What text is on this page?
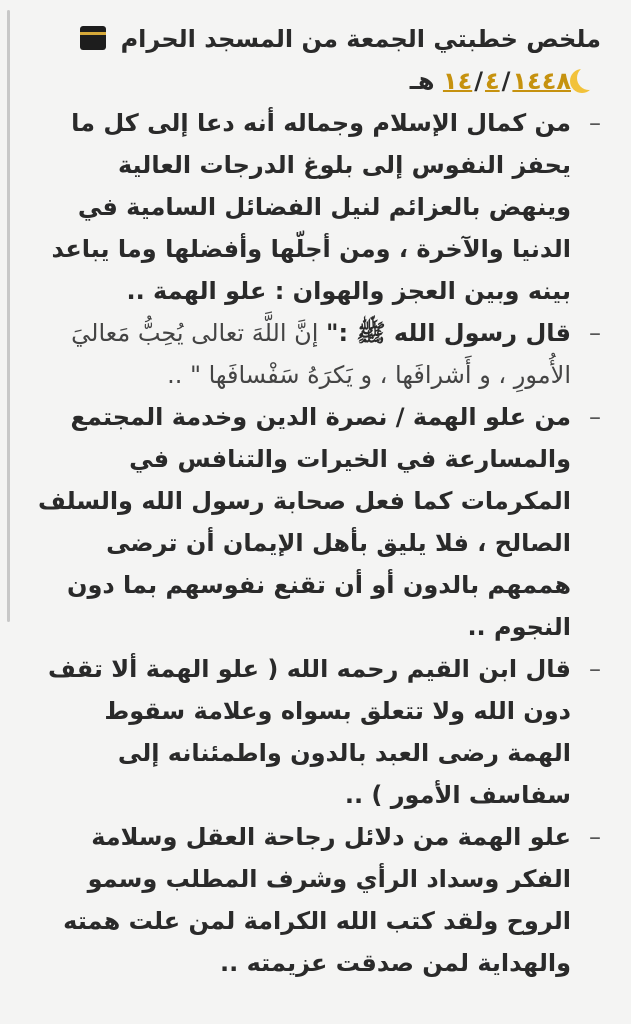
ملخص خطبتي الجمعة من المسجد الحرام

١٤/٤/١٤٤٨ هـ

–
من كمال الإسلام وجماله أنه دعا إلى كل ما يحفز النفوس إلى بلوغ الدرجات العالية وينهض بالعزائم لنيل الفضائل السامية في الدنيا والآخرة ، ومن أجلّها وأفضلها وما يباعد بينه وبين العجز والهوان : علو الهمة ..
–
قال رسول الله ﷺ :" إنَّ اللَّهَ تعالى يُحِبُّ مَعاليَ الأُمورِ ، و أَشرافَها ، و يَكرَهُ سَفْسافَها " ..
–
من علو الهمة / نصرة الدين وخدمة المجتمع والمسارعة في الخيرات والتنافس في المكرمات كما فعل صحابة رسول الله والسلف الصالح ، فلا يليق بأهل الإيمان أن ترضى هممهم بالدون أو أن تقنع نفوسهم بما دون النجوم ..
–
قال ابن القيم رحمه الله ( علو الهمة ألا تقف دون الله ولا تتعلق بسواه وعلامة سقوط الهمة رضى العبد بالدون واطمئنانه إلى سفاسف الأمور ) ..
–
علو الهمة من دلائل رجاحة العقل وسلامة الفكر وسداد الرأي وشرف المطلب وسمو الروح ولقد كتب الله الكرامة لمن علت همته والهداية لمن صدقت عزيمته ..
